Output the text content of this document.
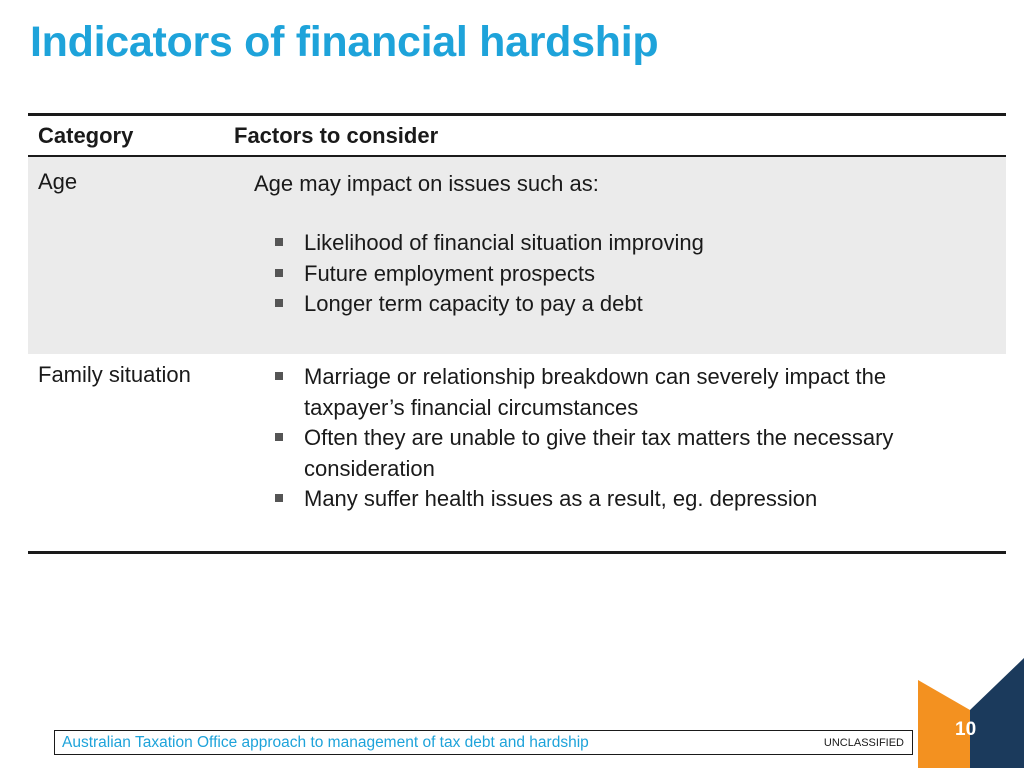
Indicators of financial hardship
Category	Factors to consider
Age	Age may impact on issues such as:
Likelihood of financial situation improving
Future employment prospects
Longer term capacity to pay a debt
Family situation	Marriage or relationship breakdown can severely impact the taxpayer’s financial circumstances
Often they are unable to give their tax matters the necessary consideration
Many suffer health issues as a result, eg. depression
10
Australian Taxation Office approach to management of tax debt and hardship	UNCLASSIFIED
